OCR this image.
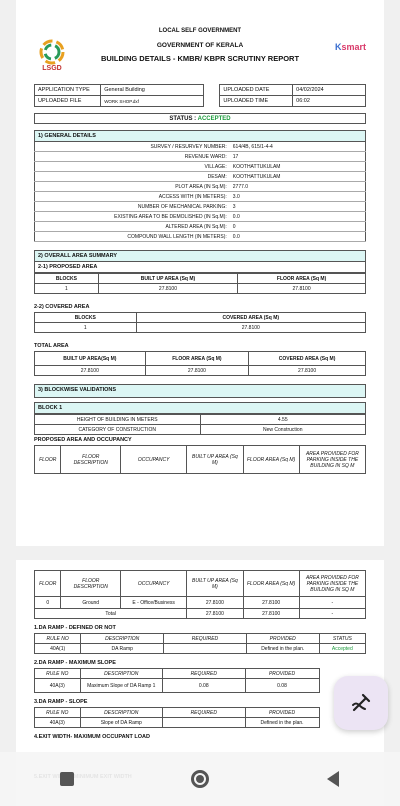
LSGD
LOCAL SELF GOVERNMENT
GOVERNMENT OF KERALA
BUILDING DETAILS - KMBR/ KBPR SCRUTINY REPORT
Ksmart
APPLICATION TYPE	General Building		UPLOADED DATE	04/02/2024
UPLOADED FILE	WORK SHOP.dxf		UPLOADED TIME	06:02
STATUS : ACCEPTED
1) GENERAL DETAILS
SURVEY / RESURVEY NUMBER:	614/4B, 615/1-4-4
REVENUE WARD:	17
VILLAGE:	KOOTHATTUKULAM
DESAM:	KOOTHATTUKULAM
PLOT AREA (IN Sq.M):	2777.0
ACCESS WITH (IN METERS):	3.0
NUMBER OF MECHANICAL PARKING:	3
EXISTING AREA TO BE DEMOLISHED (IN Sq.M):	0.0
ALTERED AREA (IN Sq.M):	0
COMPOUND WALL LENGTH (IN METERS):	0.0
2) OVERALL AREA SUMMARY
2-1) PROPOSED AREA
BLOCKS	BUILT UP AREA (Sq M)	FLOOR AREA (Sq M)
1	27.8100	27.8100
2-2) COVERED AREA
BLOCKS	COVERED AREA (Sq M)
1	27.8100
TOTAL AREA
BUILT UP AREA(Sq M)	FLOOR AREA (Sq M)	COVERED AREA (Sq M)
27.8100	27.8100	27.8100
3) BLOCKWISE VALIDATIONS
BLOCK 1
HEIGHT OF BUILDING IN METERS	4.55
CATEGORY OF CONSTRUCTION	New Construction
PROPOSED AREA AND OCCUPANCY
FLOOR	FLOOR DESCRIPTION	OCCUPANCY	BUILT UP AREA (Sq M)	FLOOR AREA (Sq M)	AREA PROVIDED FOR PARKING INSIDE THE BUILDING IN SQ M
FLOOR	FLOOR DESCRIPTION	OCCUPANCY	BUILT UP AREA (Sq M)	FLOOR AREA (Sq M)	AREA PROVIDED FOR PARKING INSIDE THE BUILDING IN SQ M
0	Ground	E - Office/Business	27.8100	27.8100	-
Total			27.8100	27.8100	-
1.DA RAMP - DEFINED OR NOT
RULE NO	DESCRIPTION	REQUIRED	PROVIDED	STATUS
40A(1)	DA Ramp		Defined in the plan.	Accepted
2.DA RAMP - MAXIMUM SLOPE
RULE NO	DESCRIPTION	REQUIRED	PROVIDED
40A(3)	Maximum Slope of DA Ramp 1	0.08	0.08
3.DA RAMP - SLOPE
RULE NO	DESCRIPTION	REQUIRED	PROVIDED
40A(3)	Slope of DA Ramp		Defined in the plan.
4.EXIT WIDTH- MAXIMUM OCCUPANT LOAD
